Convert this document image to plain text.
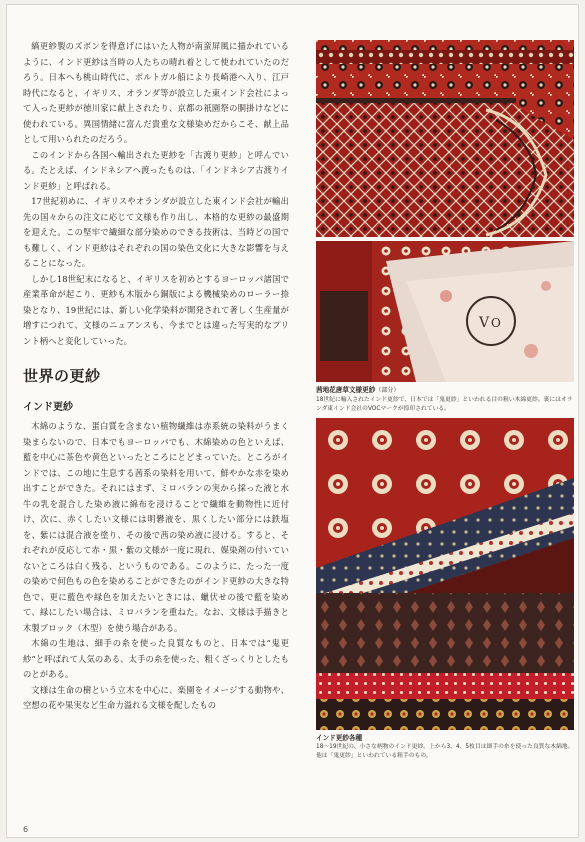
縞更紗製のズボンを得意げにはいた人物が南蛮屏風に描かれているように、インド更紗は当時の人たちの晴れ着として使われていたのだろう。日本へも桃山時代に、ポルトガル船により長崎港へ入り、江戸時代になると、イギリス、オランダ等が設立した東インド会社によって入った更紗が徳川家に献上されたり、京都の祇園祭の胴掛けなどに使われている。異国情緒に富んだ貴重な文様染めだからこそ、献上品として用いられたのだろう。

このインドから各国へ輸出された更紗を「古渡り更紗」と呼んでいる。たとえば、インドネシアへ渡ったものは、「インドネシア古渡りインド更紗」と呼ばれる。

17世紀初めに、イギリスやオランダが設立した東インド会社が輸出先の国々からの注文に応じて文様も作り出し、本格的な更紗の最盛期を迎えた。この堅牢で繊細な部分染めのできる技術は、当時どの国でも難しく、インド更紗はそれぞれの国の染色文化に大きな影響を与えることになった。

しかし18世紀末になると、イギリスを初めとするヨーロッパ諸国で産業革命が起こり、更紗も木版から銅版による機械染めのローラー捺染となり、19世紀には、新しい化学染料が開発されて著しく生産量が増すにつれて、文様のニュアンスも、今までとは違った写実的なプリント柄へと変化していった。

世界の更紗
インド更紗

木綿のような、蛋白質を含まない植物繊維は赤系統の染料がうまく染まらないので、日本でもヨーロッパでも、木綿染めの色といえば、藍を中心に茶色や黄色といったところにとどまっていた。ところがインドでは、この地に生息する茜系の染料を用いて、鮮やかな赤を染め出すことができた。それにはまず、ミロバランの実から採った液と水牛の乳を混合した染め液に綿布を浸けることで繊維を動物性に近付け、次に、赤くしたい文様には明礬液を、黒くしたい部分には鉄塩を、紫には混合液を塗り、その後で茜の染め液に浸ける。すると、それぞれが反応して赤・黒・紫の文様が一度に現れ、媒染剤の付いていないところは白く残る、というものである。このように、たった一度の染めで何色もの色を染めることができたのがインド更紗の大きな特色で、更に藍色や緑色を加えたいときには、蠟伏せの後で藍を染めて、緑にしたい場合は、ミロバランを重ねた。なお、文様は手描きと木製ブロック（木型）を使う場合がある。

木綿の生地は、細手の糸を使った良質なものと、日本では“鬼更紗”と呼ばれて人気のある、太手の糸を使った、粗くざっくりとしたものとがある。

文様は生命の樹という立木を中心に、楽園をイメージする動物や、空想の花や果実など生命力溢れる文様を配したもの

6
V O
茜地花唐草文様更紗（部分）
18世紀に輸入されたインド更紗で、日本では「鬼更紗」といわれる目の粗い木綿更紗。裏にはオランダ東インド会社のVOCマークが捺印されている。
インド更紗各種
18〜19世紀の、小さな柄物のインド更紗。上から3、4、5枚目は細手の糸を使った良質な木綿地。他は「鬼更紗」といわれている粗手のもの。
